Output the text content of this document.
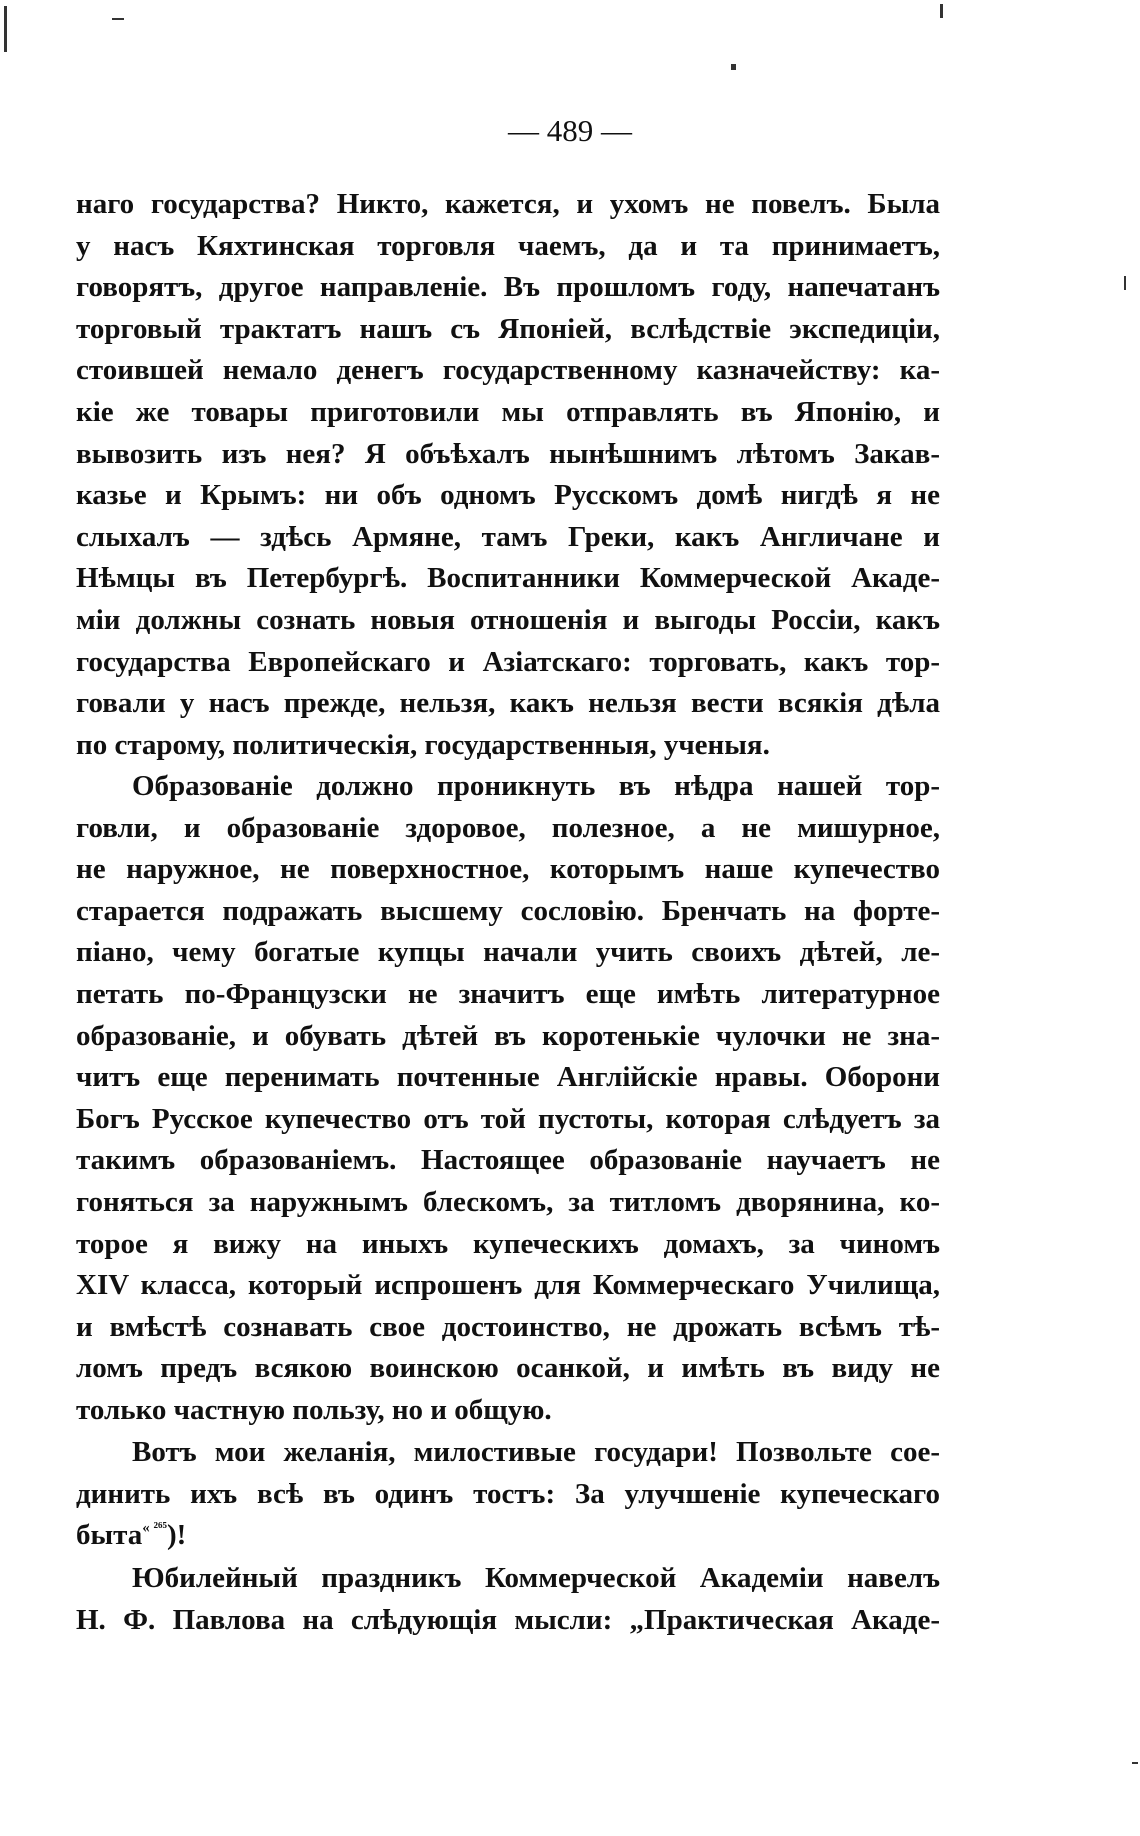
— 489 —
наго государства? Никто, кажется, и ухомъ не повелъ. Была
у насъ Кяхтинская торговля чаемъ, да и та принимаетъ,
говорятъ, другое направленіе. Въ прошломъ году, напечатанъ
торговый трактатъ нашъ съ Японіей, вслѣдствіе экспедиціи,
стоившей немало денегъ государственному казначейству: ка-
кіе же товары приготовили мы отправлять въ Японію, и
вывозить изъ нея? Я объѣхалъ нынѣшнимъ лѣтомъ Закав-
казье и Крымъ: ни объ одномъ Русскомъ домѣ нигдѣ я не
слыхалъ — здѣсь Армяне, тамъ Греки, какъ Англичане и
Нѣмцы въ Петербургѣ. Воспитанники Коммерческой Акаде-
міи должны сознать новыя отношенія и выгоды Россіи, какъ
государства Европейскаго и Азіатскаго: торговать, какъ тор-
говали у насъ прежде, нельзя, какъ нельзя вести всякія дѣла
по старому, политическія, государственныя, ученыя.
Образованіе должно проникнуть въ нѣдра нашей тор-
говли, и образованіе здоровое, полезное, а не мишурное,
не наружное, не поверхностное, которымъ наше купечество
старается подражать высшему сословію. Бренчать на форте-
піано, чему богатые купцы начали учить своихъ дѣтей, ле-
петать по-Французски не значитъ еще имѣть литературное
образованіе, и обувать дѣтей въ коротенькіе чулочки не зна-
читъ еще перенимать почтенные Англійскіе нравы. Оборони
Богъ Русское купечество отъ той пустоты, которая слѣдуетъ за
такимъ образованіемъ. Настоящее образованіе научаетъ не
гоняться за наружнымъ блескомъ, за титломъ дворянина, ко-
торое я вижу на иныхъ купеческихъ домахъ, за чиномъ
XIV класса, который испрошенъ для Коммерческаго Училища,
и вмѣстѣ сознавать свое достоинство, не дрожать всѣмъ тѣ-
ломъ предъ всякою воинскою осанкой, и имѣть въ виду не
только частную пользу, но и общую.
Вотъ мои желанія, милостивые государи! Позвольте сое-
динить ихъ всѣ въ одинъ тостъ: За улучшеніе купеческаго
быта$^{« ^{265}}$)!
Юбилейный праздникъ Коммерческой Академіи навелъ
Н. Ф. Павлова на слѣдующія мысли: „Практическая Акаде-
